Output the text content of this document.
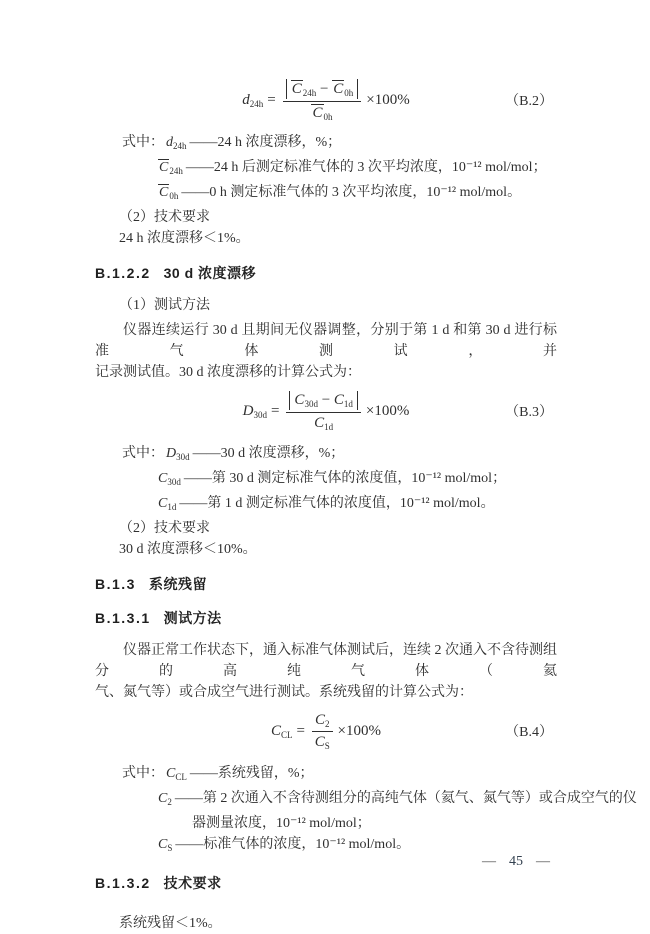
$d_{24h} = \frac{C_{24h} - C_{0h}}{C_{0h}} \times 100\%$	（B.2）
式中： $d_{24h}$ ——24 h 浓度漂移，%；
$C_{24h}$ ——24 h 后测定标准气体的 3 次平均浓度，10⁻¹² mol/mol；
$C_{0h}$ ——0 h 测定标准气体的 3 次平均浓度，10⁻¹² mol/mol。
（2）技术要求
24 h 浓度漂移＜1%。
B.1.2.2 30 d 浓度漂移
（1）测试方法
仪器连续运行 30 d 且期间无仪器调整，分别于第 1 d 和第 30 d 进行标准气体测试，并
记录测试值。30 d 浓度漂移的计算公式为：
$D_{30d} = \frac{C_{30d} - C_{1d}}{C_{1d}} \times 100\%$	（B.3）
式中： $D_{30d}$ ——30 d 浓度漂移，%；
$C_{30d}$ ——第 30 d 测定标准气体的浓度值，10⁻¹² mol/mol；
$C_{1d}$ ——第 1 d 测定标准气体的浓度值，10⁻¹² mol/mol。
（2）技术要求
30 d 浓度漂移＜10%。
B.1.3 系统残留
B.1.3.1 测试方法
仪器正常工作状态下，通入标准气体测试后，连续 2 次通入不含待测组分的高纯气体（氦
气、氮气等）或合成空气进行测试。系统残留的计算公式为：
$C_{CL} = \frac{C_2}{C_S} \times 100\%$	（B.4）
式中： $C_{CL}$ ——系统残留，%；
$C_2$ ——第 2 次通入不含待测组分的高纯气体（氦气、氮气等）或合成空气的仪
器测量浓度，10⁻¹² mol/mol；
$C_S$ ——标准气体的浓度，10⁻¹² mol/mol。
B.1.3.2 技术要求
系统残留＜1%。
— 45 —
